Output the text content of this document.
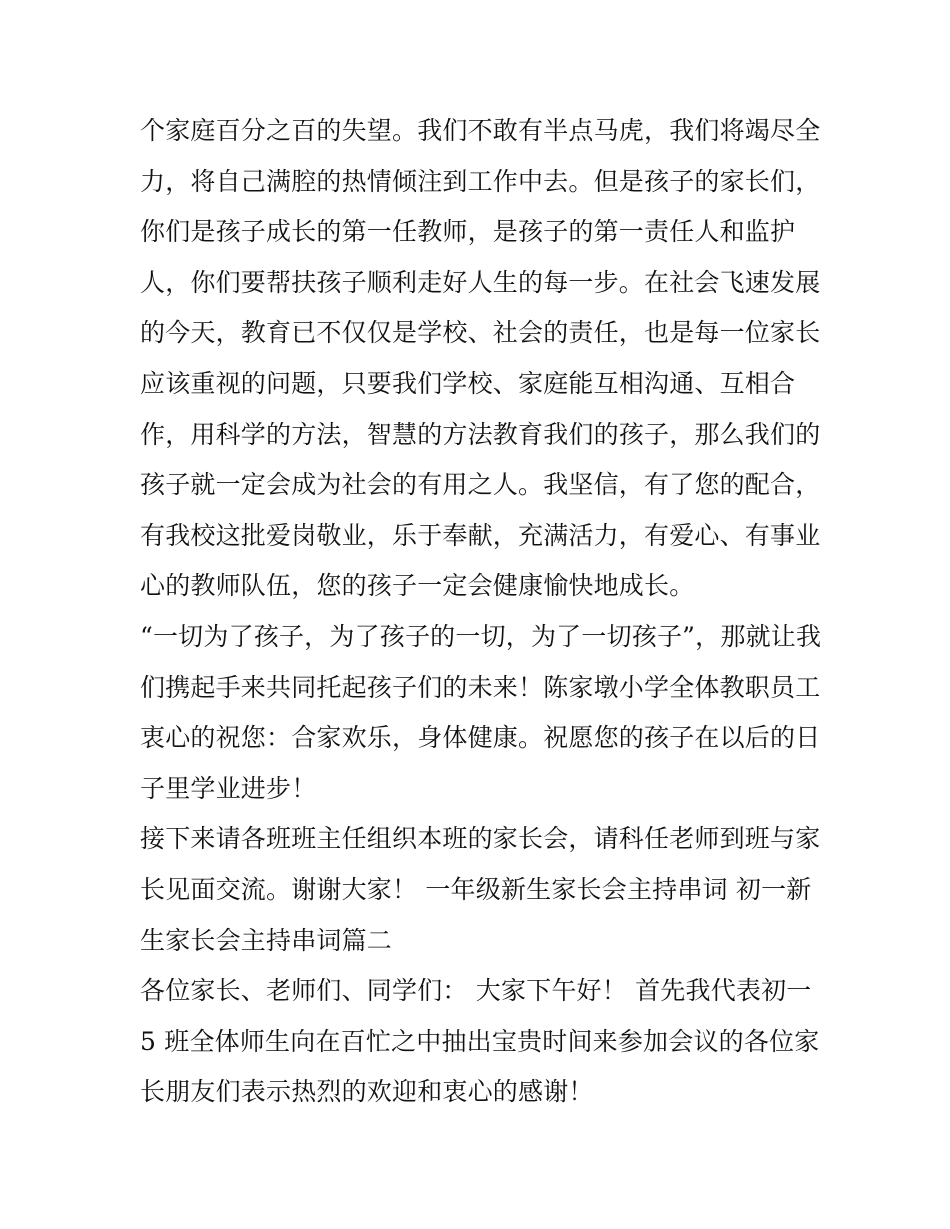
个家庭百分之百的失望。我们不敢有半点马虎，我们将竭尽全
力，将自己满腔的热情倾注到工作中去。但是孩子的家长们，
你们是孩子成长的第一任教师，是孩子的第一责任人和监护
人，你们要帮扶孩子顺利走好人生的每一步。在社会飞速发展
的今天，教育已不仅仅是学校、社会的责任，也是每一位家长
应该重视的问题，只要我们学校、家庭能互相沟通、互相合
作，用科学的方法，智慧的方法教育我们的孩子，那么我们的
孩子就一定会成为社会的有用之人。我坚信，有了您的配合，
有我校这批爱岗敬业，乐于奉献，充满活力，有爱心、有事业
心的教师队伍，您的孩子一定会健康愉快地成长。
“一切为了孩子，为了孩子的一切，为了一切孩子”，那就让我
们携起手来共同托起孩子们的未来！陈家墩小学全体教职员工
衷心的祝您：合家欢乐，身体健康。祝愿您的孩子在以后的日
子里学业进步！
接下来请各班班主任组织本班的家长会，请科任老师到班与家
长见面交流。谢谢大家！ 一年级新生家长会主持串词 初一新
生家长会主持串词篇二
各位家长、老师们、同学们： 大家下午好！ 首先我代表初一
5 班全体师生向在百忙之中抽出宝贵时间来参加会议的各位家
长朋友们表示热烈的欢迎和衷心的感谢！
